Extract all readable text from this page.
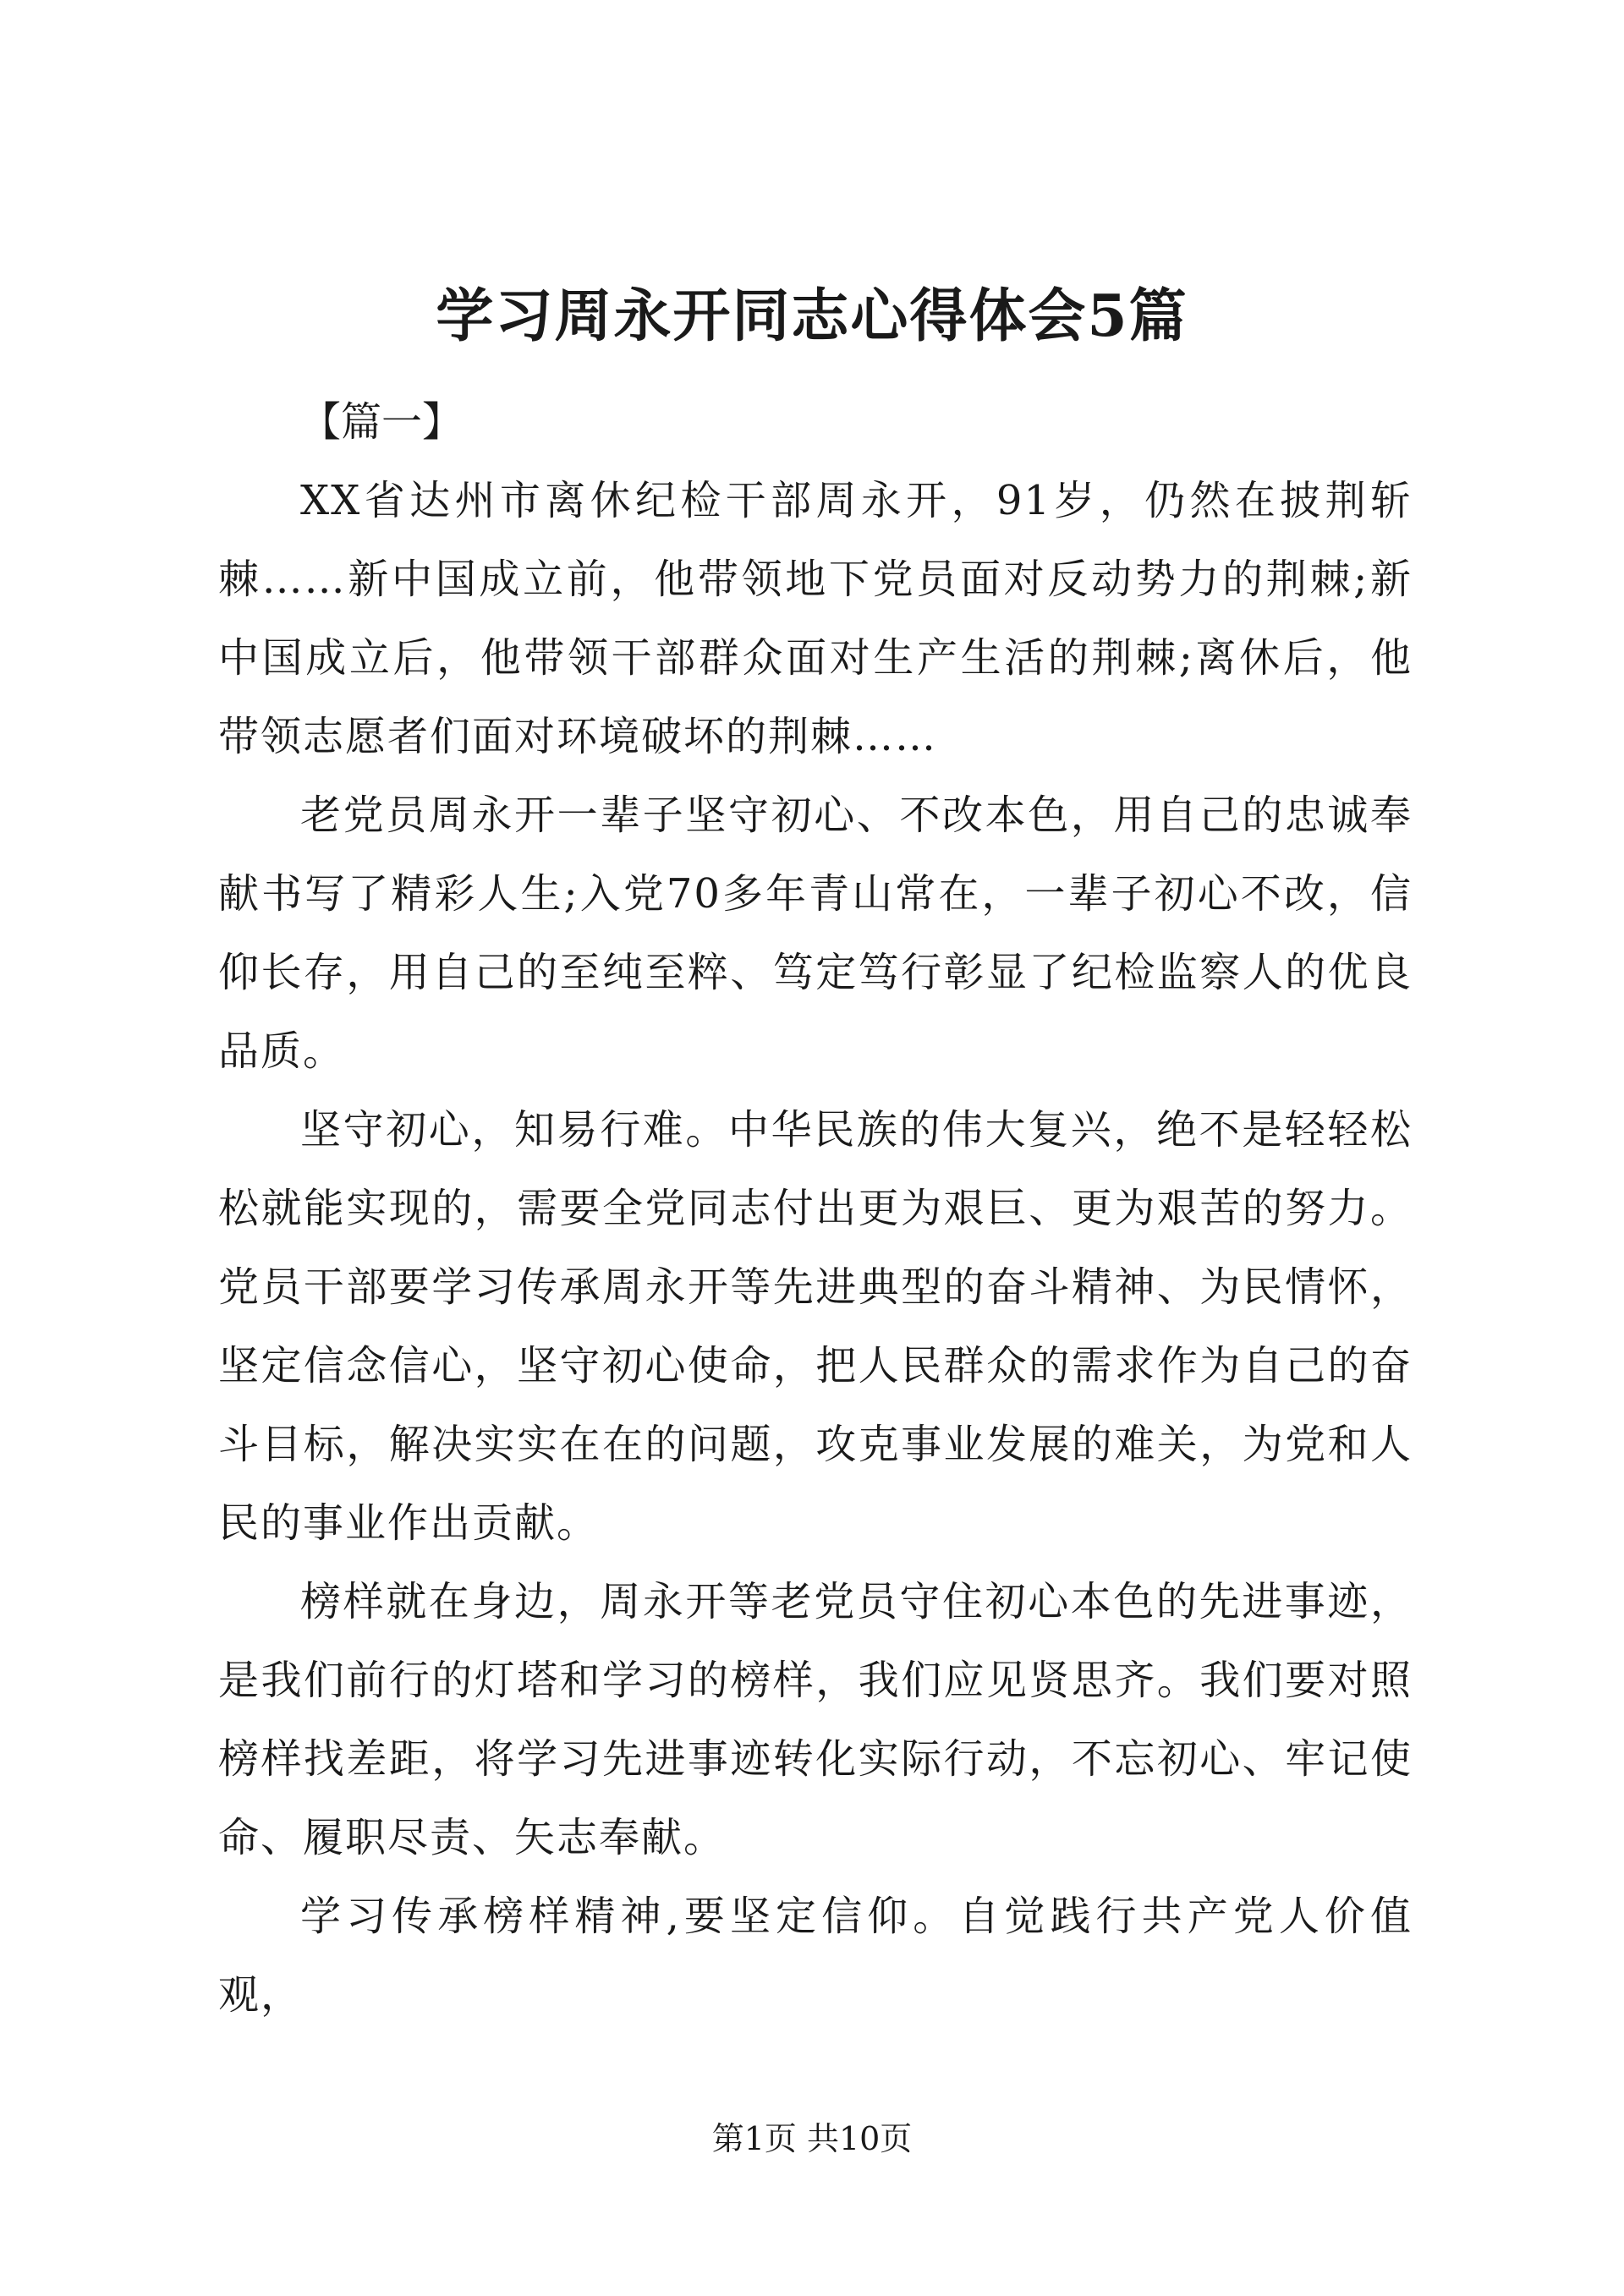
学习周永开同志心得体会5篇
【篇一】

XX省达州市离休纪检干部周永开，91岁，仍然在披荆斩棘……新中国成立前，他带领地下党员面对反动势力的荆棘;新中国成立后，他带领干部群众面对生产生活的荆棘;离休后，他带领志愿者们面对环境破坏的荆棘……

老党员周永开一辈子坚守初心、不改本色，用自己的忠诚奉献书写了精彩人生;入党70多年青山常在，一辈子初心不改，信仰长存，用自己的至纯至粹、笃定笃行彰显了纪检监察人的优良品质。

坚守初心，知易行难。中华民族的伟大复兴，绝不是轻轻松松就能实现的，需要全党同志付出更为艰巨、更为艰苦的努力。党员干部要学习传承周永开等先进典型的奋斗精神、为民情怀，坚定信念信心，坚守初心使命，把人民群众的需求作为自己的奋斗目标，解决实实在在的问题，攻克事业发展的难关，为党和人民的事业作出贡献。

榜样就在身边，周永开等老党员守住初心本色的先进事迹，是我们前行的灯塔和学习的榜样，我们应见贤思齐。我们要对照榜样找差距，将学习先进事迹转化实际行动，不忘初心、牢记使命、履职尽责、矢志奉献。

学习传承榜样精神,要坚定信仰。自觉践行共产党人价值观，

第1页 共10页
